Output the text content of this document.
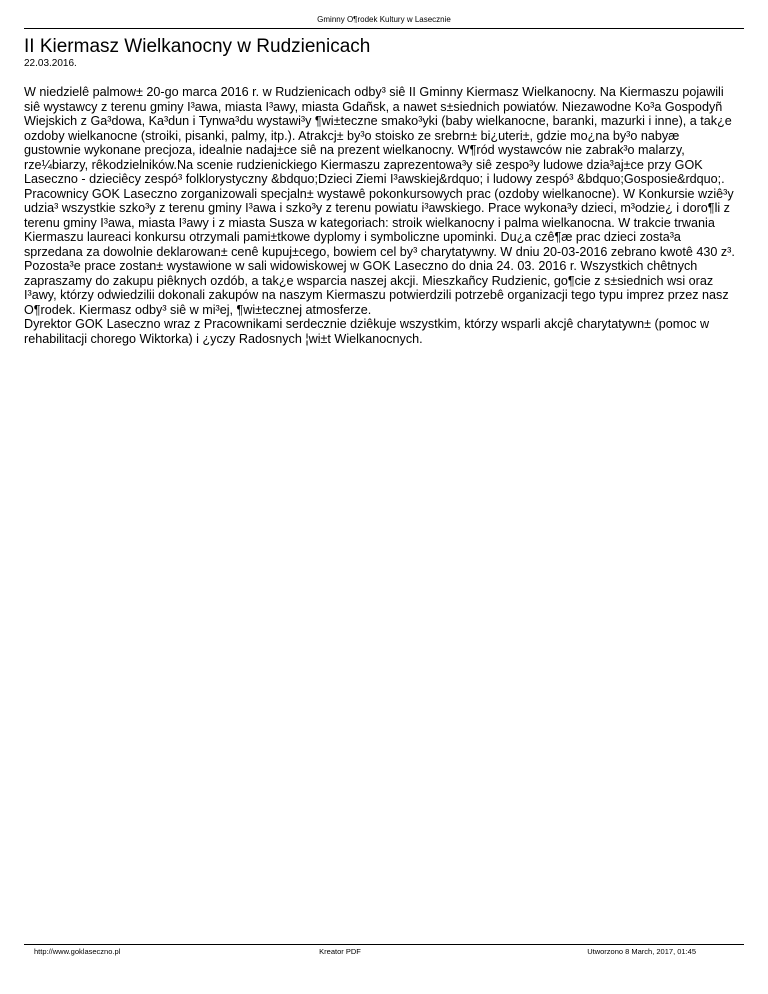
Gminny O¶rodek Kultury w Lasecznie
II Kiermasz Wielkanocny w Rudzienicach
22.03.2016.

W niedzielê palmow± 20-go marca 2016 r. w Rudzienicach odby³ siê II Gminny Kiermasz Wielkanocny. Na Kiermaszu pojawili siê wystawcy z terenu gminy I³awa, miasta I³awy, miasta Gdañsk, a nawet s±siednich powiatów. Niezawodne Ko³a Gospodyñ Wiejskich z Ga³dowa, Ka³dun i Tynwa³du wystawi³y ¶wi±teczne smako³yki (baby wielkanocne, baranki, mazurki i inne), a tak¿e ozdoby wielkanocne (stroiki, pisanki, palmy, itp.). Atrakcj± by³o stoisko ze srebrn± bi¿uteri±, gdzie mo¿na by³o nabyæ gustownie wykonane precjoza, idealnie nadaj±ce siê na prezent wielkanocny. W¶ród wystawców nie zabrak³o malarzy, rze¼biarzy, rêkodzielników.Na scenie rudzienickiego Kiermaszu zaprezentowa³y siê zespo³y ludowe dzia³aj±ce przy GOK Laseczno - dzieciêcy zespó³ folklorystyczny &bdquo;Dzieci Ziemi I³awskiej&rdquo; i ludowy zespó³ &bdquo;Gosposie&rdquo;. Pracownicy GOK Laseczno zorganizowali specjaln± wystawê pokonkursowych prac (ozdoby wielkanocne). W Konkursie wziê³y udzia³ wszystkie szko³y z terenu gminy I³awa i szko³y z terenu powiatu i³awskiego. Prace wykona³y dzieci, m³odzie¿ i doro¶li z terenu gminy I³awa, miasta I³awy i z miasta Susza w kategoriach: stroik wielkanocny i palma wielkanocna. W trakcie trwania Kiermaszu laureaci konkursu otrzymali pami±tkowe dyplomy i symboliczne upominki. Du¿a czê¶æ prac dzieci zosta³a sprzedana za dowolnie deklarowan± cenê kupuj±cego, bowiem cel by³ charytatywny. W dniu 20-03-2016 zebrano kwotê 430 z³. Pozosta³e prace zostan± wystawione w sali widowiskowej w GOK Laseczno do dnia 24. 03. 2016 r. Wszystkich chêtnych zapraszamy do zakupu piêknych ozdób, a tak¿e wsparcia naszej akcji. Mieszkañcy Rudzienic, go¶cie z s±siednich wsi oraz I³awy, którzy odwiedzilii dokonali zakupów na naszym Kiermaszu potwierdzili potrzebê organizacji tego typu imprez przez nasz O¶rodek. Kiermasz odby³ siê w mi³ej, ¶wi±tecznej atmosferze.

Dyrektor GOK Laseczno wraz z Pracownikami serdecznie dziêkuje wszystkim, którzy wsparli akcjê charytatywn± (pomoc w rehabilitacji chorego Wiktorka) i ¿yczy Radosnych ¦wi±t Wielkanocnych.

http://www.goklaseczno.pl	Kreator PDF	Utworzono 8 March, 2017, 01:45
